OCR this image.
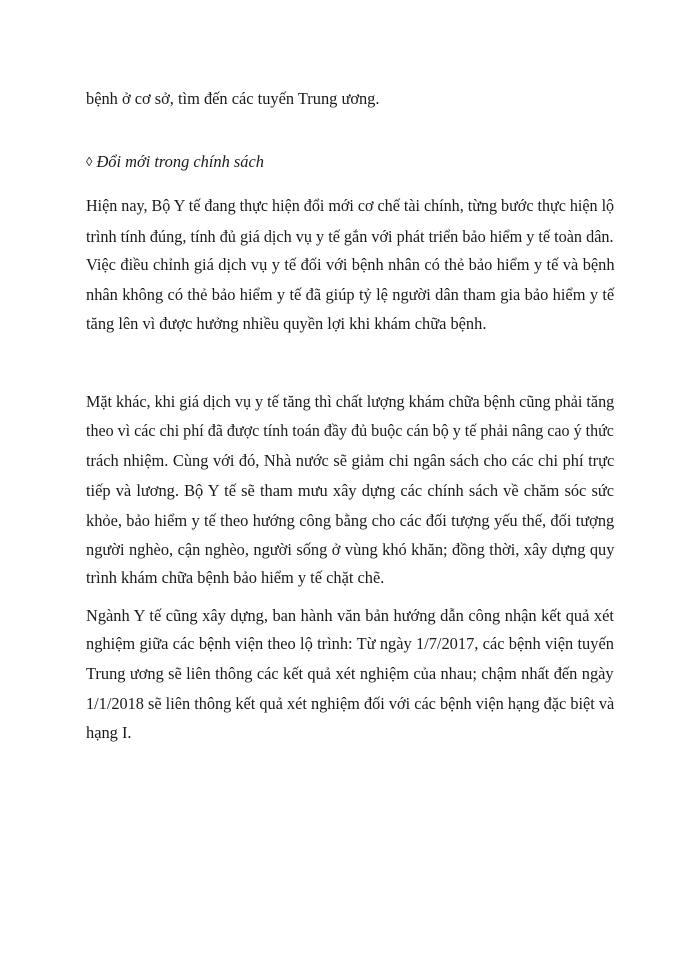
bệnh ở cơ sở, tìm đến các tuyến Trung ương.

◊ Đổi mới trong chính sách

Hiện nay, Bộ Y tế đang thực hiện đổi mới cơ chế tài chính, từng bước thực hiện lộ

trình tính đúng, tính đủ giá dịch vụ y tế gắn với phát triển bảo hiểm y tế toàn dân.

Việc điều chỉnh giá dịch vụ y tế đối với bệnh nhân có thẻ bảo hiểm y tế và bệnh

nhân không có thẻ bảo hiểm y tế đã giúp tỷ lệ người dân tham gia bảo hiểm y tế

tăng lên vì được hưởng nhiều quyền lợi khi khám chữa bệnh.

Mặt khác, khi giá dịch vụ y tế tăng thì chất lượng khám chữa bệnh cũng phải tăng

theo vì các chi phí đã được tính toán đầy đủ buộc cán bộ y tế phải nâng cao ý thức

trách nhiệm. Cùng với đó, Nhà nước sẽ giảm chi ngân sách cho các chi phí trực

tiếp và lương. Bộ Y tế sẽ tham mưu xây dựng các chính sách về chăm sóc sức

khỏe, bảo hiểm y tế theo hướng công bằng cho các đối tượng yếu thế, đối tượng

người nghèo, cận nghèo, người sống ở vùng khó khăn; đồng thời, xây dựng quy

trình khám chữa bệnh bảo hiểm y tế chặt chẽ.

Ngành Y tế cũng xây dựng, ban hành văn bản hướng dẫn công nhận kết quả xét

nghiệm giữa các bệnh viện theo lộ trình: Từ ngày 1/7/2017, các bệnh viện tuyến

Trung ương sẽ liên thông các kết quả xét nghiệm của nhau; chậm nhất đến ngày

1/1/2018 sẽ liên thông kết quả xét nghiệm đối với các bệnh viện hạng đặc biệt và

hạng I.
